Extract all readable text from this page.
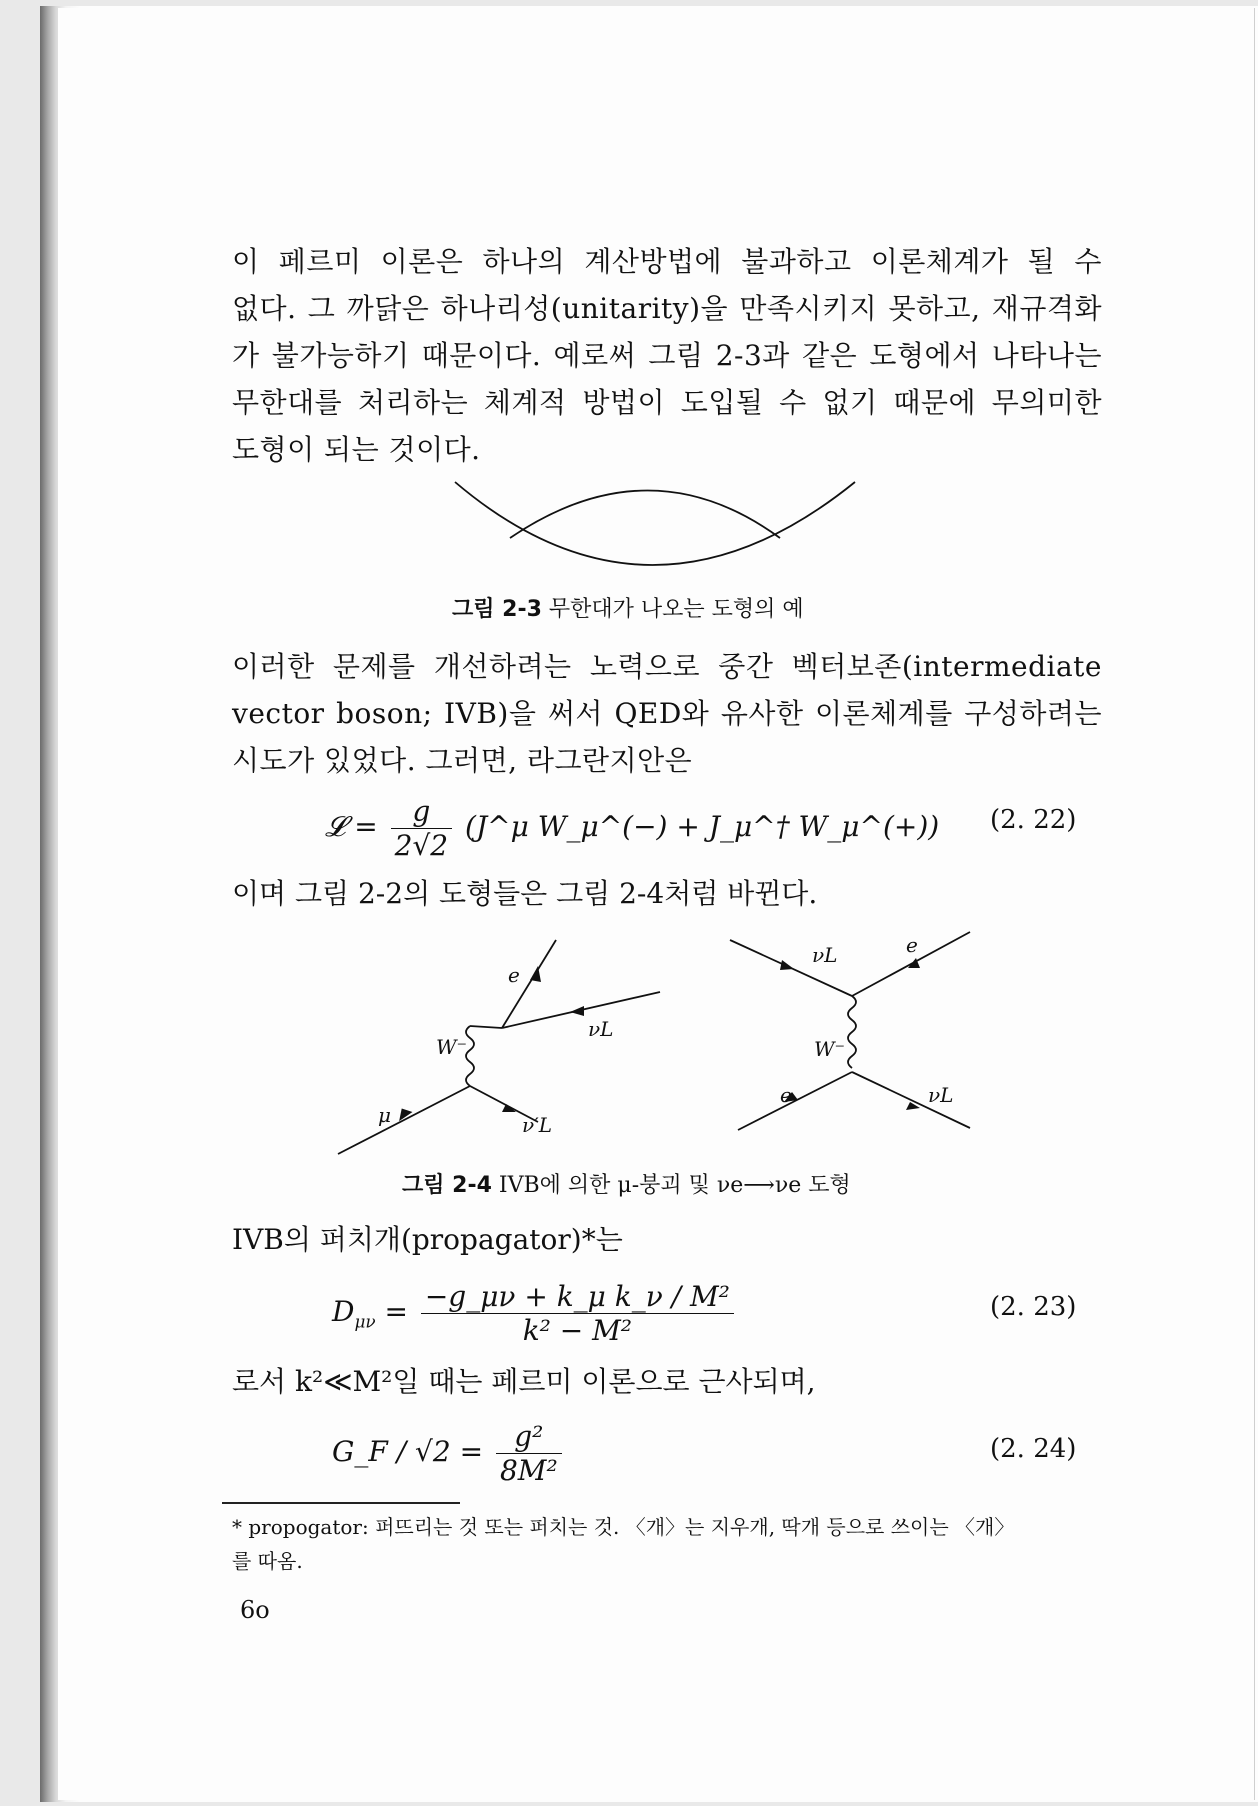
이 페르미 이론은 하나의 계산방법에 불과하고 이론체계가 될 수
없다. 그 까닭은 하나리성(unitarity)을 만족시키지 못하고, 재규격화
가 불가능하기 때문이다. 예로써 그림 2-3과 같은 도형에서 나타나는
무한대를 처리하는 체계적 방법이 도입될 수 없기 때문에 무의미한
도형이 되는 것이다.
그림 2-3 무한대가 나오는 도형의 예
이러한 문제를 개선하려는 노력으로 중간 벡터보존(intermediate
vector boson; IVB)을 써서 QED와 유사한 이론체계를 구성하려는
시도가 있었다. 그러면, 라그란지안은
𝓛 = $\frac{g}{2√2}$ (J^μ W_μ^(−) + J_μ^† W_μ^(+)) (2. 22)
이며 그림 2-2의 도형들은 그림 2-4처럼 바뀐다.
e
νL
W⁻
μ	ν′L
νL	e
W⁻
e	νL
그림 2-4 IVB에 의한 μ-붕괴 및 νe⟶νe 도형
IVB의 퍼치개(propagator)*는
$D_{\mu\nu} = \frac{\text{−g\_μν + k\_μ k\_ν / M²}}{\text{k² − M²}}$	(2. 23)
로서 k²≪M²일 때는 페르미 이론으로 근사되며,
G_F / $√2 = \frac{\text{g²}}{\text{8M²}}$	(2. 24)
* propogator: 퍼뜨리는 것 또는 퍼치는 것. 〈개〉는 지우개, 딱개 등으로 쓰이는 〈개〉
를 따옴.
6o
